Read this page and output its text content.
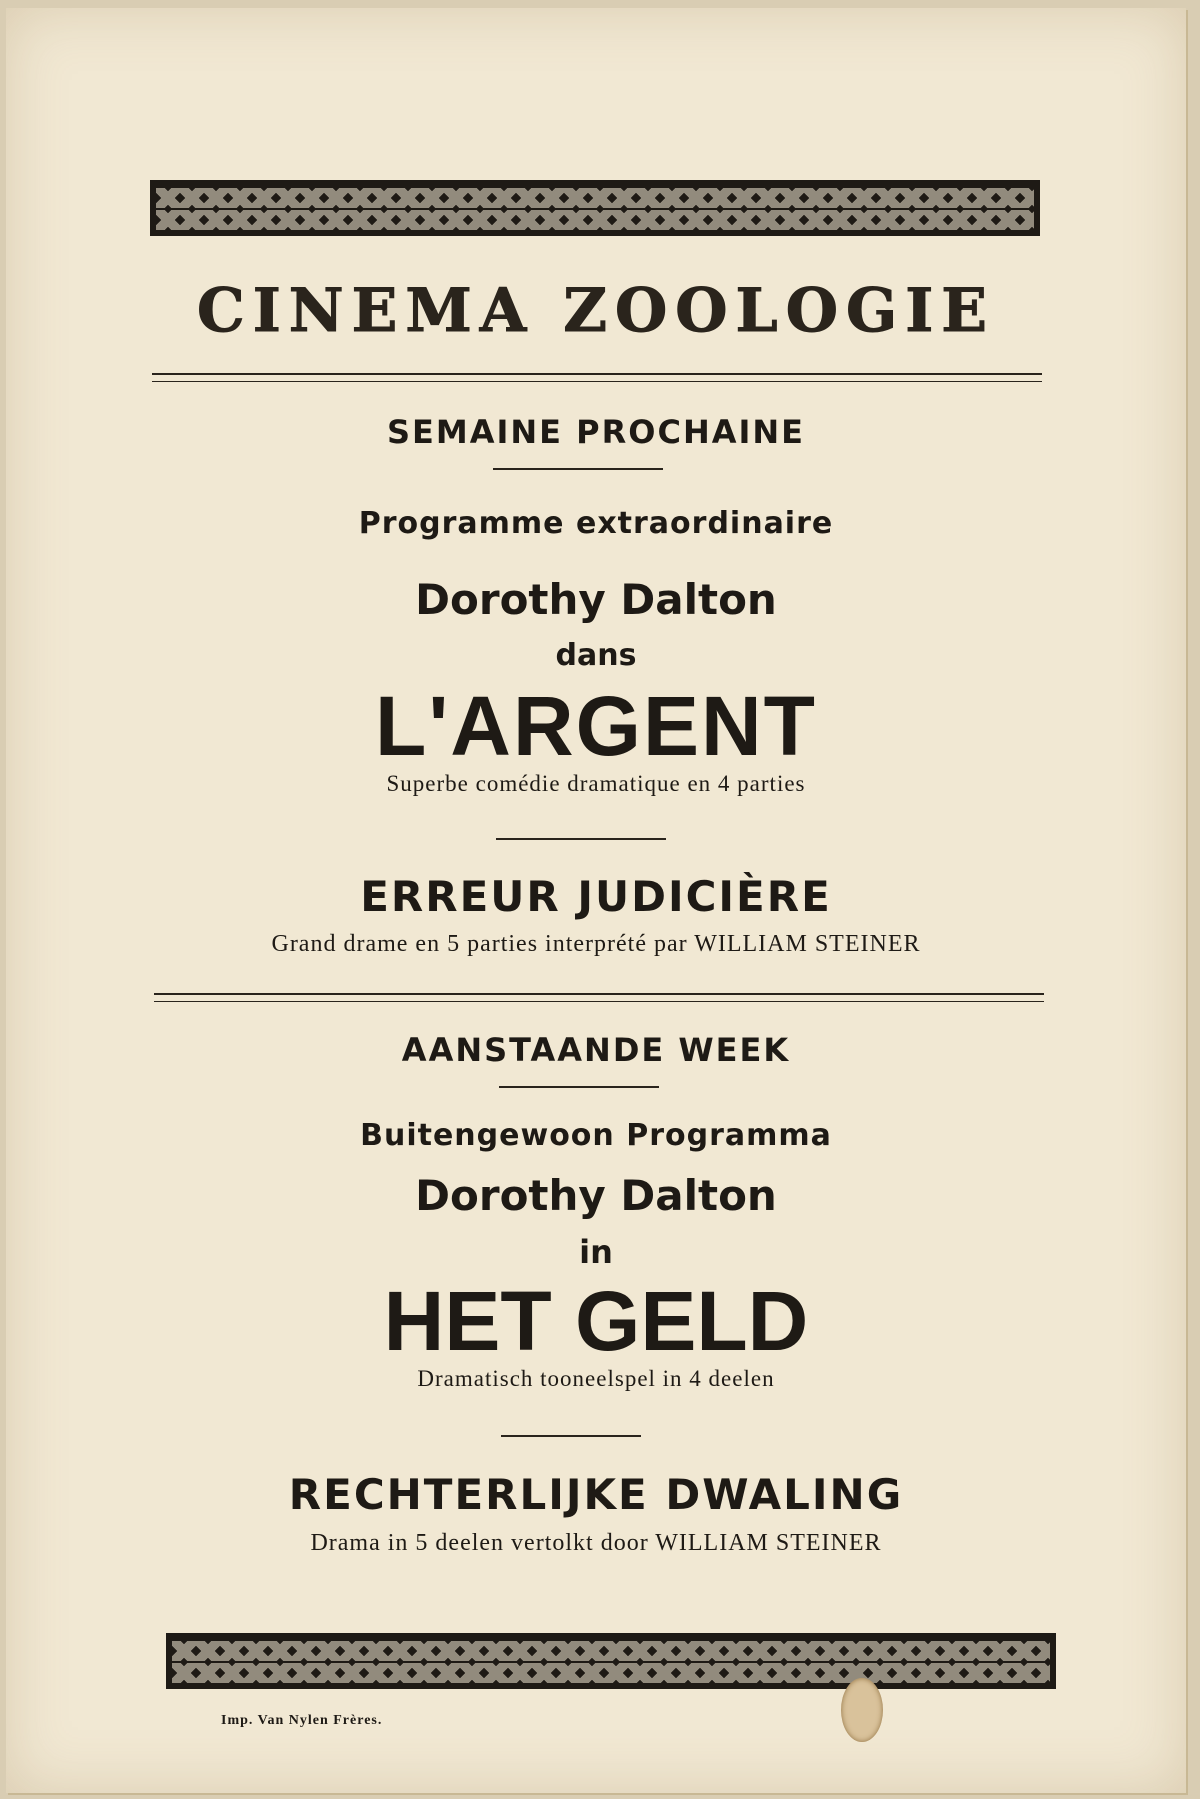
CINEMA ZOOLOGIE
SEMAINE PROCHAINE
Programme extraordinaire
Dorothy Dalton
dans
L'ARGENT
Superbe comédie dramatique en 4 parties
ERREUR JUDICIÈRE
Grand drame en 5 parties interprété par WILLIAM STEINER
AANSTAANDE WEEK
Buitengewoon Programma
Dorothy Dalton
in
HET GELD
Dramatisch tooneelspel in 4 deelen
RECHTERLIJKE DWALING
Drama in 5 deelen vertolkt door WILLIAM STEINER
Imp. Van Nylen Frères.
